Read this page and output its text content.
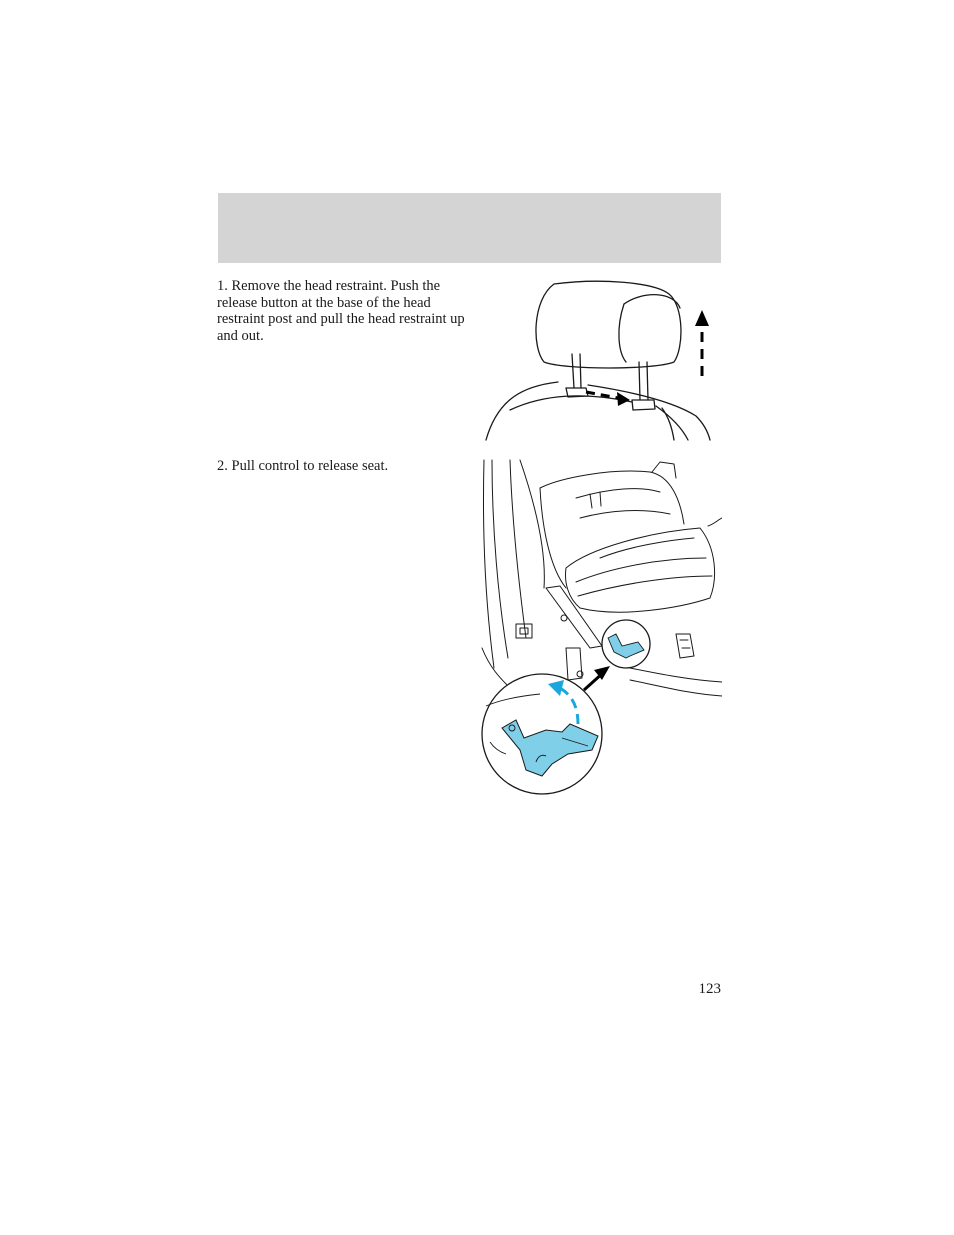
1. Remove the head restraint. Push the release button at the base of the head restraint post and pull the head restraint up and out.
2. Pull control to release seat.
123
